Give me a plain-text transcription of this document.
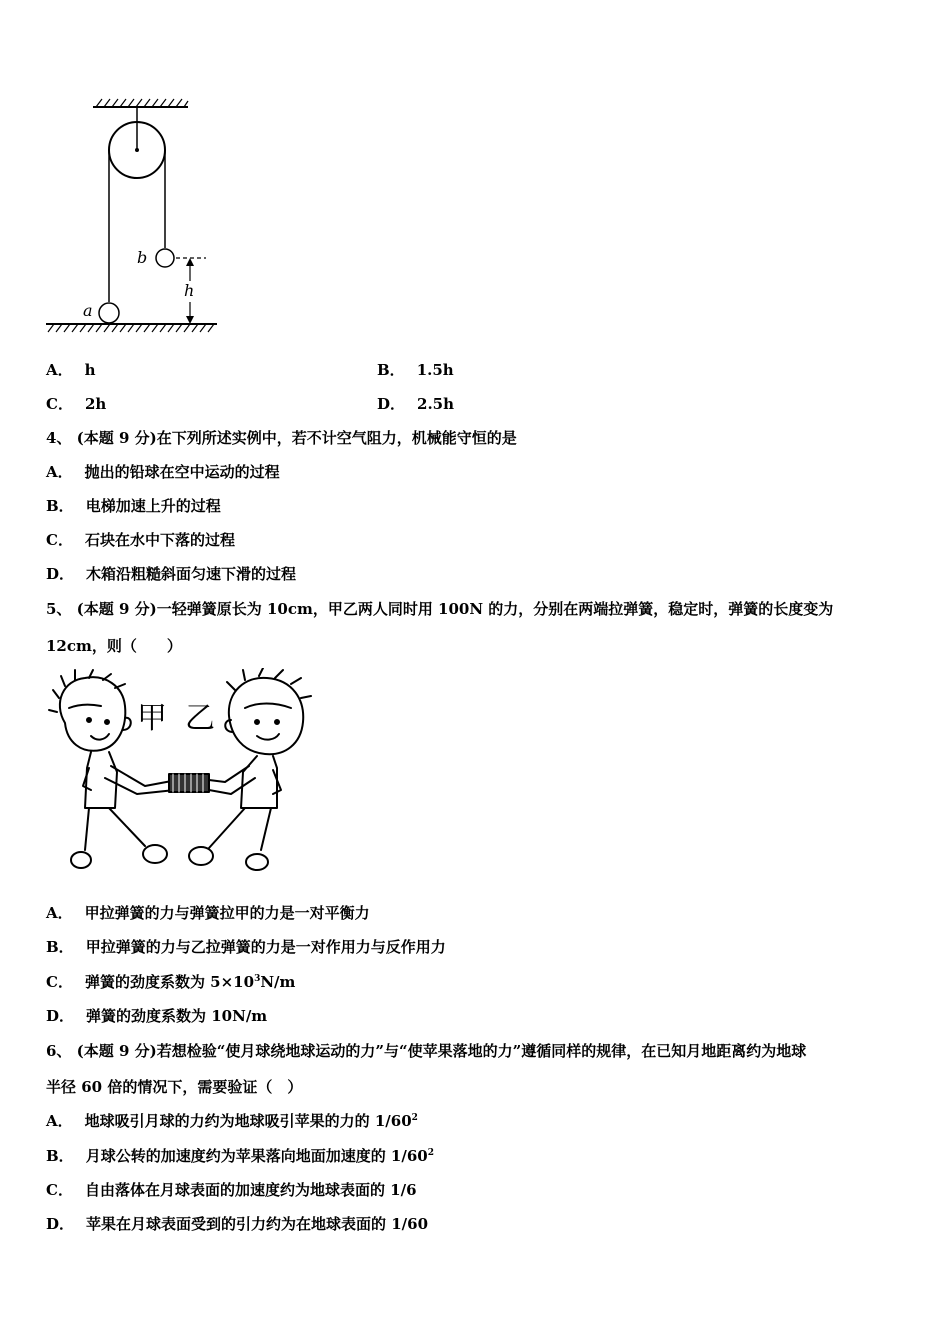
b
h
a
A． h	B． 1.5h
C． 2h	D． 2.5h
4、 (本题 9 分)在下列所述实例中，若不计空气阻力，机械能守恒的是
A． 抛出的铅球在空中运动的过程
B． 电梯加速上升的过程
C． 石块在水中下落的过程
D． 木箱沿粗糙斜面匀速下滑的过程
5、 (本题 9 分)一轻弹簧原长为 10cm，甲乙两人同时用 100N 的力，分别在两端拉弹簧，稳定时，弹簧的长度变为
12cm，则（　　）
甲 乙
A． 甲拉弹簧的力与弹簧拉甲的力是一对平衡力
B． 甲拉弹簧的力与乙拉弹簧的力是一对作用力与反作用力
C． 弹簧的劲度系数为 $5\times 10^3N/m$
D． 弹簧的劲度系数为 10N/m
6、 (本题 9 分)若想检验“使月球绕地球运动的力”与“使苹果落地的力”遵循同样的规律，在已知月地距离约为地球
半径 60 倍的情况下，需要验证（　）
A． 地球吸引月球的力约为地球吸引苹果的力的 $1/60^2$
B． 月球公转的加速度约为苹果落向地面加速度的 $1/60^2$
C． 自由落体在月球表面的加速度约为地球表面的 1/6
D． 苹果在月球表面受到的引力约为在地球表面的 1/60
